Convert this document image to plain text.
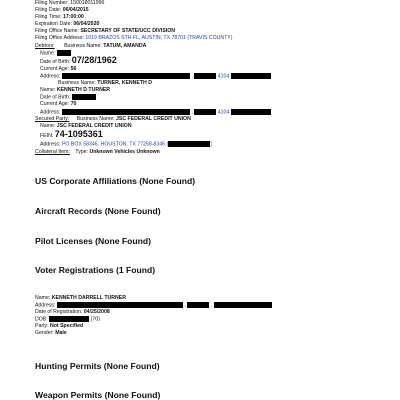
Filing Number: 150018011996
Filing Date: 06/04/2015
Filing Time: 17:00:00
Expiration Date: 06/04/2020
Filing Office Name: SECRETARY OF STATE/UCC DIVISION
Filing Office Address: 1019 BRAZOS STH FL, AUSTIN, TX 78701 (TRAVIS COUNTY)
Debtors: Business Name: TATUM, AMANDA
Name:
Date of Birth: 07/28/1962
Current Age: 56
Address:	,	4104
Business Name: TURNER, KENNETH D
Name: KENNETH D TURNER
Date of Birth:
Current Age: 70
Address:	,	4104
Secured Party: Business Name: JSC FEDERAL CREDIT UNION
Name: JSC FEDERAL CREDIT UNION
FEIN: 74-1095361
Address: PO BOX 58346, HOUSTON, TX 77258-8346	)
Collateral Item: Type: Unknown Vehicles Unknown
US Corporate Affiliations (None Found)
Aircraft Records (None Found)
Pilot Licenses (None Found)
Voter Registrations (1 Found)
Name: KENNETH DARRELL TURNER
Address:	,	,
Date of Registration: 04/25/2008
DOB:	(70)
Party: Not Specified
Gender: Male
Hunting Permits (None Found)
Weapon Permits (None Found)
